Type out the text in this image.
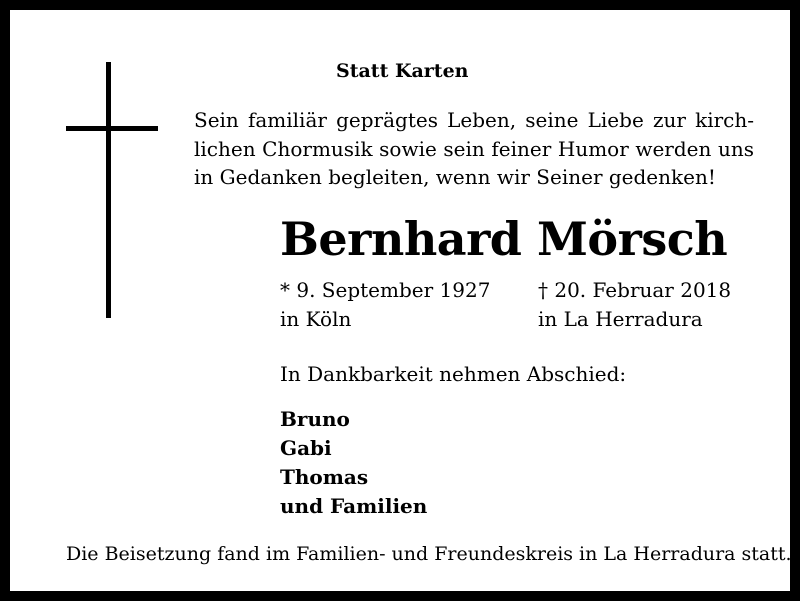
Statt Karten
Sein familiär geprägtes Leben, seine Liebe zur kirch-
lichen Chormusik sowie sein feiner Humor werden uns
in Gedanken begleiten, wenn wir Seiner gedenken!
Bernhard Mörsch
* 9. September 1927
in Köln
† 20. Februar 2018
in La Herradura
In Dankbarkeit nehmen Abschied:
Bruno
Gabi
Thomas
und Familien
Die Beisetzung fand im Familien- und Freundeskreis in La Herradura statt.
